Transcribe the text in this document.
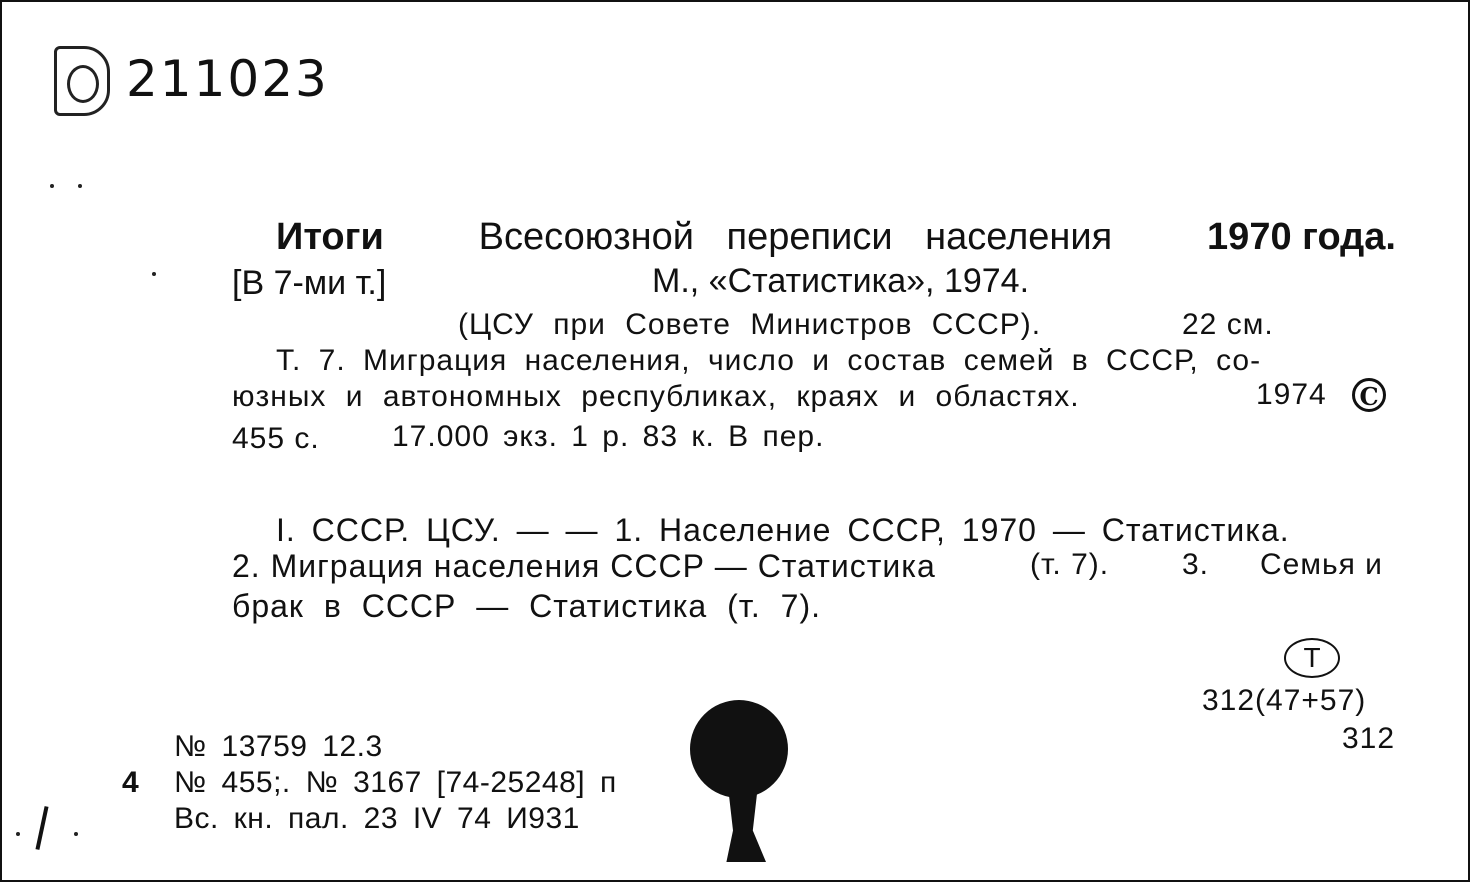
211023
Итоги Всесоюзной переписи населения 1970 года.
[В 7-ми т.]	М., «Статистика», 1974.
(ЦСУ при Совете Министров СССР).	22 см.
Т. 7. Миграция населения, число и состав семей в СССР, со-
юзных и автономных республиках, краях и областях.	1974	C
455 с. 17.000 экз. 1 р. 83 к. В пер.
I. СССР. ЦСУ. — — 1. Население СССР, 1970 — Статистика.
2. Миграция населения СССР — Статистика	(т. 7). 3. Семья и
брак в СССР — Статистика (т. 7).
Т
312(47+57)
312
№ 13759 12.3
4 № 455;. № 3167 [74-25248] п
Вс. кн. пал. 23 IV 74 И931
